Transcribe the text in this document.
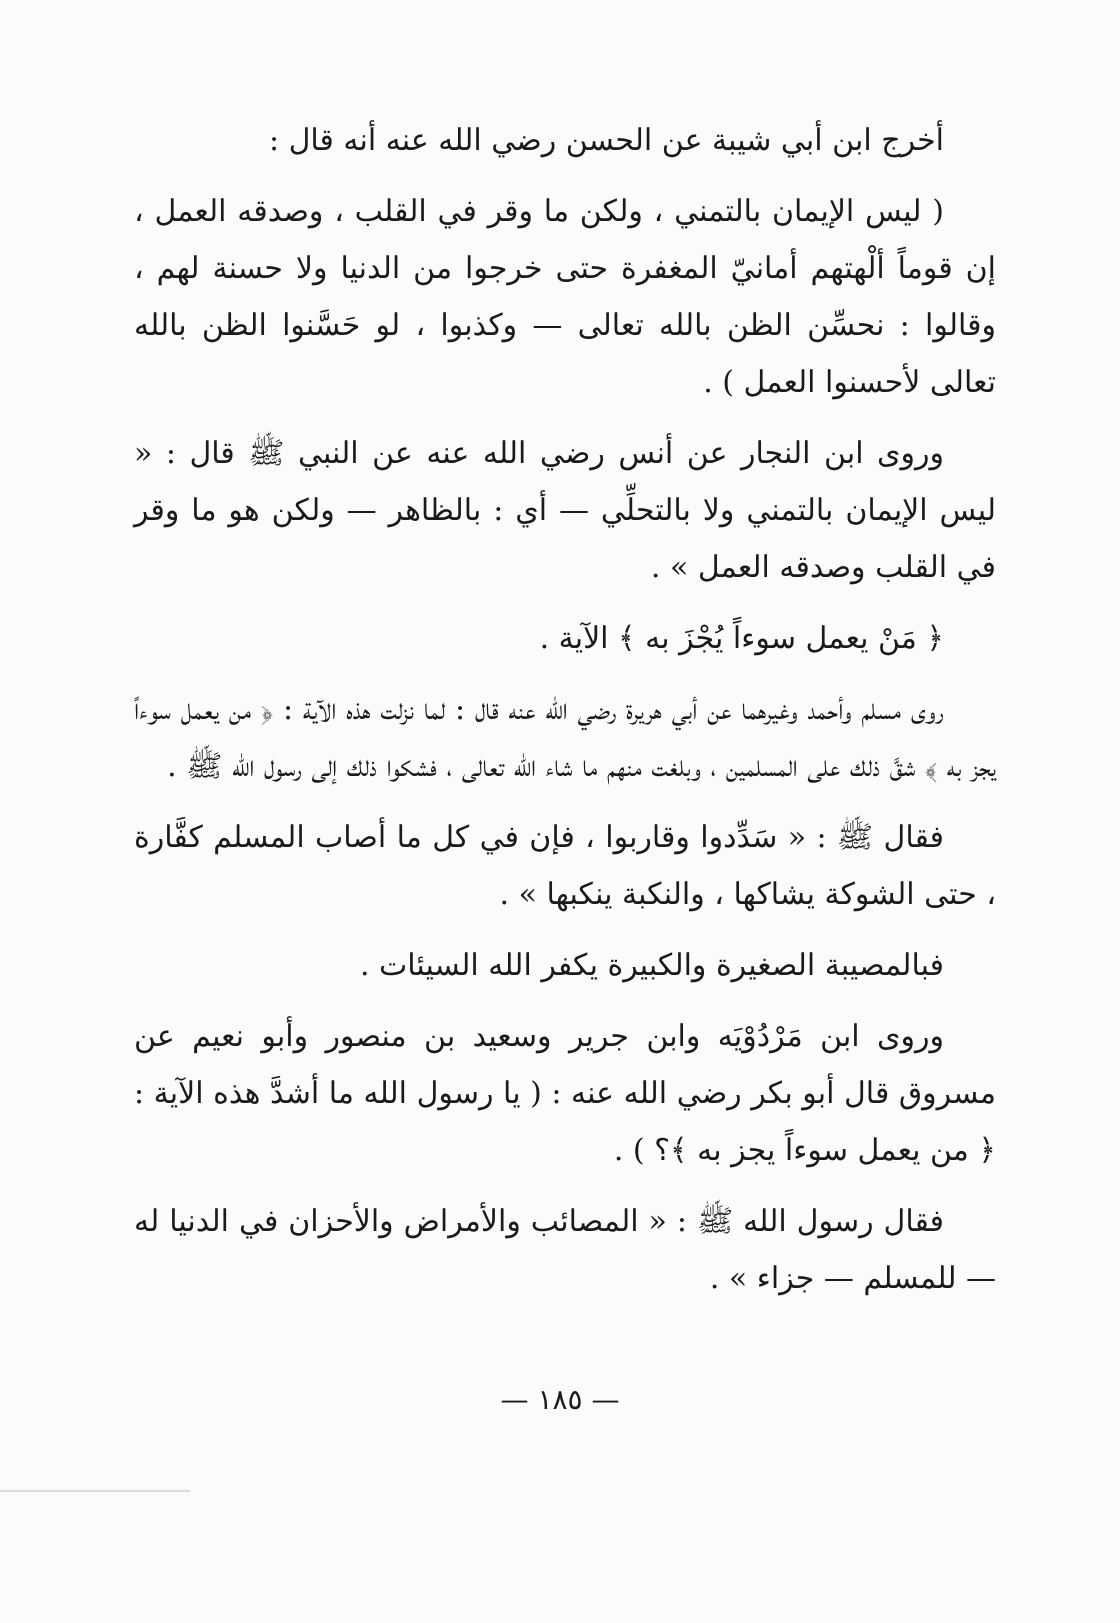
أخرج ابن أبي شيبة عن الحسن رضي الله عنه أنه قال :

( ليس الإيمان بالتمني ، ولكن ما وقر في القلب ، وصدقه العمل ، إن قوماً ألْهتهم أمانيّ المغفرة حتى خرجوا من الدنيا ولا حسنة لهم ، وقالوا : نحسِّن الظن بالله تعالى — وكذبوا ، لو حَسَّنوا الظن بالله تعالى لأحسنوا العمل ) .

وروى ابن النجار عن أنس رضي الله عنه عن النبي ﷺ قال : « ليس الإيمان بالتمني ولا بالتحلِّي — أي : بالظاهر — ولكن هو ما وقر في القلب وصدقه العمل » .

﴿ مَنْ يعمل سوءاً يُجْزَ به ﴾ الآية .

روى مسلم وأحمد وغيرهما عن أبي هريرة رضي الله عنه قال : لما نزلت هذه الآية : ﴿ من يعمل سوءاً يجز به ﴾ شقَّ ذلك على المسلمين ، وبلغت منهم ما شاء الله تعالى ، فشكوا ذلك إلى رسول الله ﷺ .

فقال ﷺ : « سَدِّدوا وقاربوا ، فإن في كل ما أصاب المسلم كفَّارة ، حتى الشوكة يشاكها ، والنكبة ينكبها » .

فبالمصيبة الصغيرة والكبيرة يكفر الله السيئات .

وروى ابن مَرْدُوْيَه وابن جرير وسعيد بن منصور وأبو نعيم عن مسروق قال أبو بكر رضي الله عنه : ( يا رسول الله ما أشدَّ هذه الآية : ﴿ من يعمل سوءاً يجز به ﴾؟ ) .

فقال رسول الله ﷺ : « المصائب والأمراض والأحزان في الدنيا له — للمسلم — جزاء » .

— ١٨٥ —
